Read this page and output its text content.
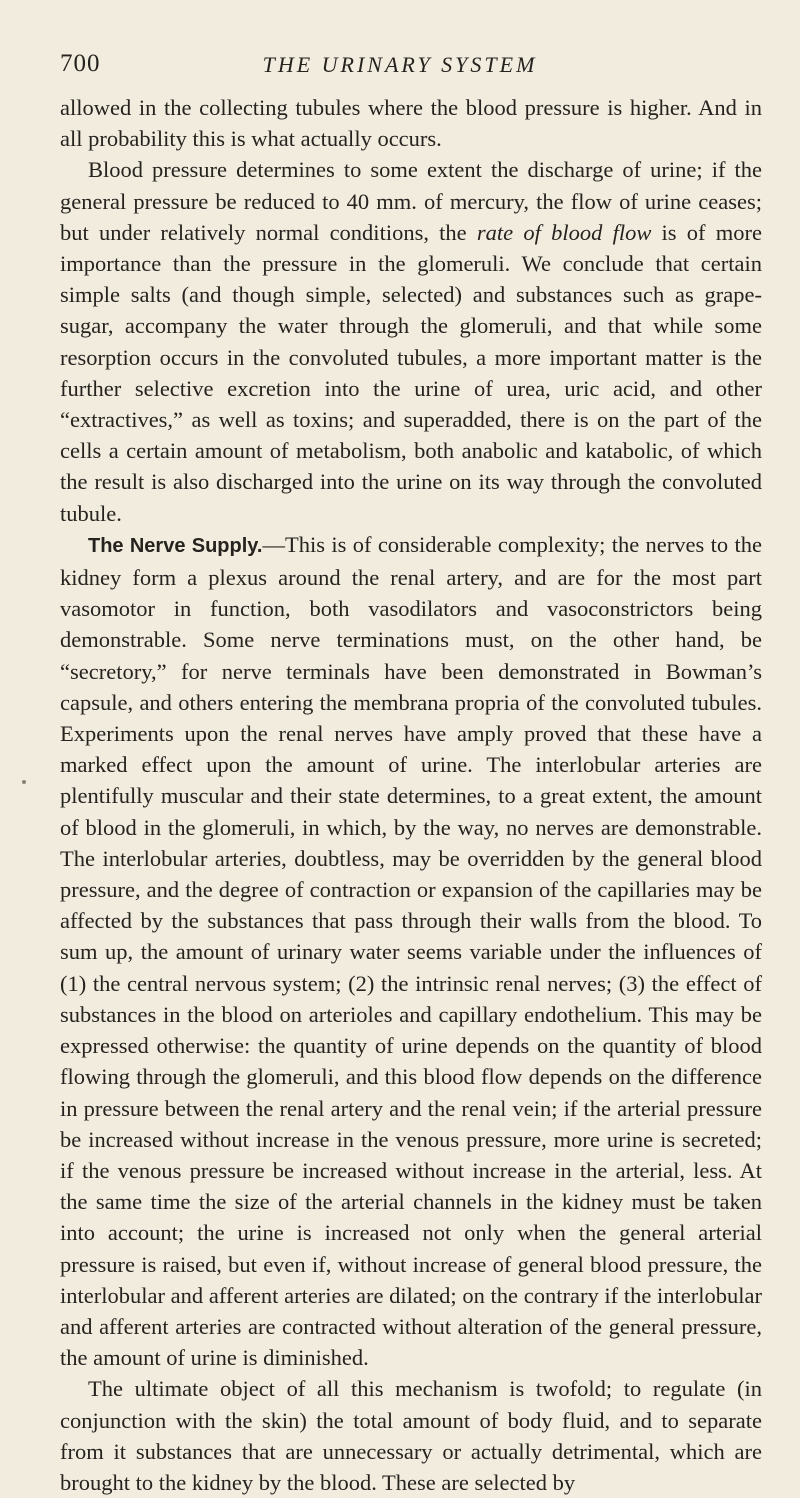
700	THE URINARY SYSTEM

allowed in the collecting tubules where the blood pressure is higher. And in all probability this is what actually occurs.

Blood pressure determines to some extent the discharge of urine; if the general pressure be reduced to 40 mm. of mercury, the flow of urine ceases; but under relatively normal conditions, the rate of blood flow is of more importance than the pressure in the glomeruli. We conclude that certain simple salts (and though simple, selected) and substances such as grape-sugar, accompany the water through the glomeruli, and that while some resorption occurs in the convoluted tubules, a more important matter is the further selective excretion into the urine of urea, uric acid, and other “extractives,” as well as toxins; and superadded, there is on the part of the cells a certain amount of metabolism, both anabolic and katabolic, of which the result is also discharged into the urine on its way through the convoluted tubule.

The Nerve Supply.—This is of considerable complexity; the nerves to the kidney form a plexus around the renal artery, and are for the most part vasomotor in function, both vasodilators and vasoconstrictors being demonstrable. Some nerve terminations must, on the other hand, be “secretory,” for nerve terminals have been demonstrated in Bowman’s capsule, and others entering the membrana propria of the convoluted tubules. Experiments upon the renal nerves have amply proved that these have a marked effect upon the amount of urine. The interlobular arteries are plentifully muscular and their state determines, to a great extent, the amount of blood in the glomeruli, in which, by the way, no nerves are demonstrable. The interlobular arteries, doubtless, may be overridden by the general blood pressure, and the degree of contraction or expansion of the capillaries may be affected by the substances that pass through their walls from the blood. To sum up, the amount of urinary water seems variable under the influences of (1) the central nervous system; (2) the intrinsic renal nerves; (3) the effect of substances in the blood on arterioles and capillary endothelium. This may be expressed otherwise: the quantity of urine depends on the quantity of blood flowing through the glomeruli, and this blood flow depends on the difference in pressure between the renal artery and the renal vein; if the arterial pressure be increased without increase in the venous pressure, more urine is secreted; if the venous pressure be increased without increase in the arterial, less. At the same time the size of the arterial channels in the kidney must be taken into account; the urine is increased not only when the general arterial pressure is raised, but even if, without increase of general blood pressure, the interlobular and afferent arteries are dilated; on the contrary if the interlobular and afferent arteries are contracted without alteration of the general pressure, the amount of urine is diminished.

The ultimate object of all this mechanism is twofold; to regulate (in conjunction with the skin) the total amount of body fluid, and to separate from it substances that are unnecessary or actually detrimental, which are brought to the kidney by the blood. These are selected by
